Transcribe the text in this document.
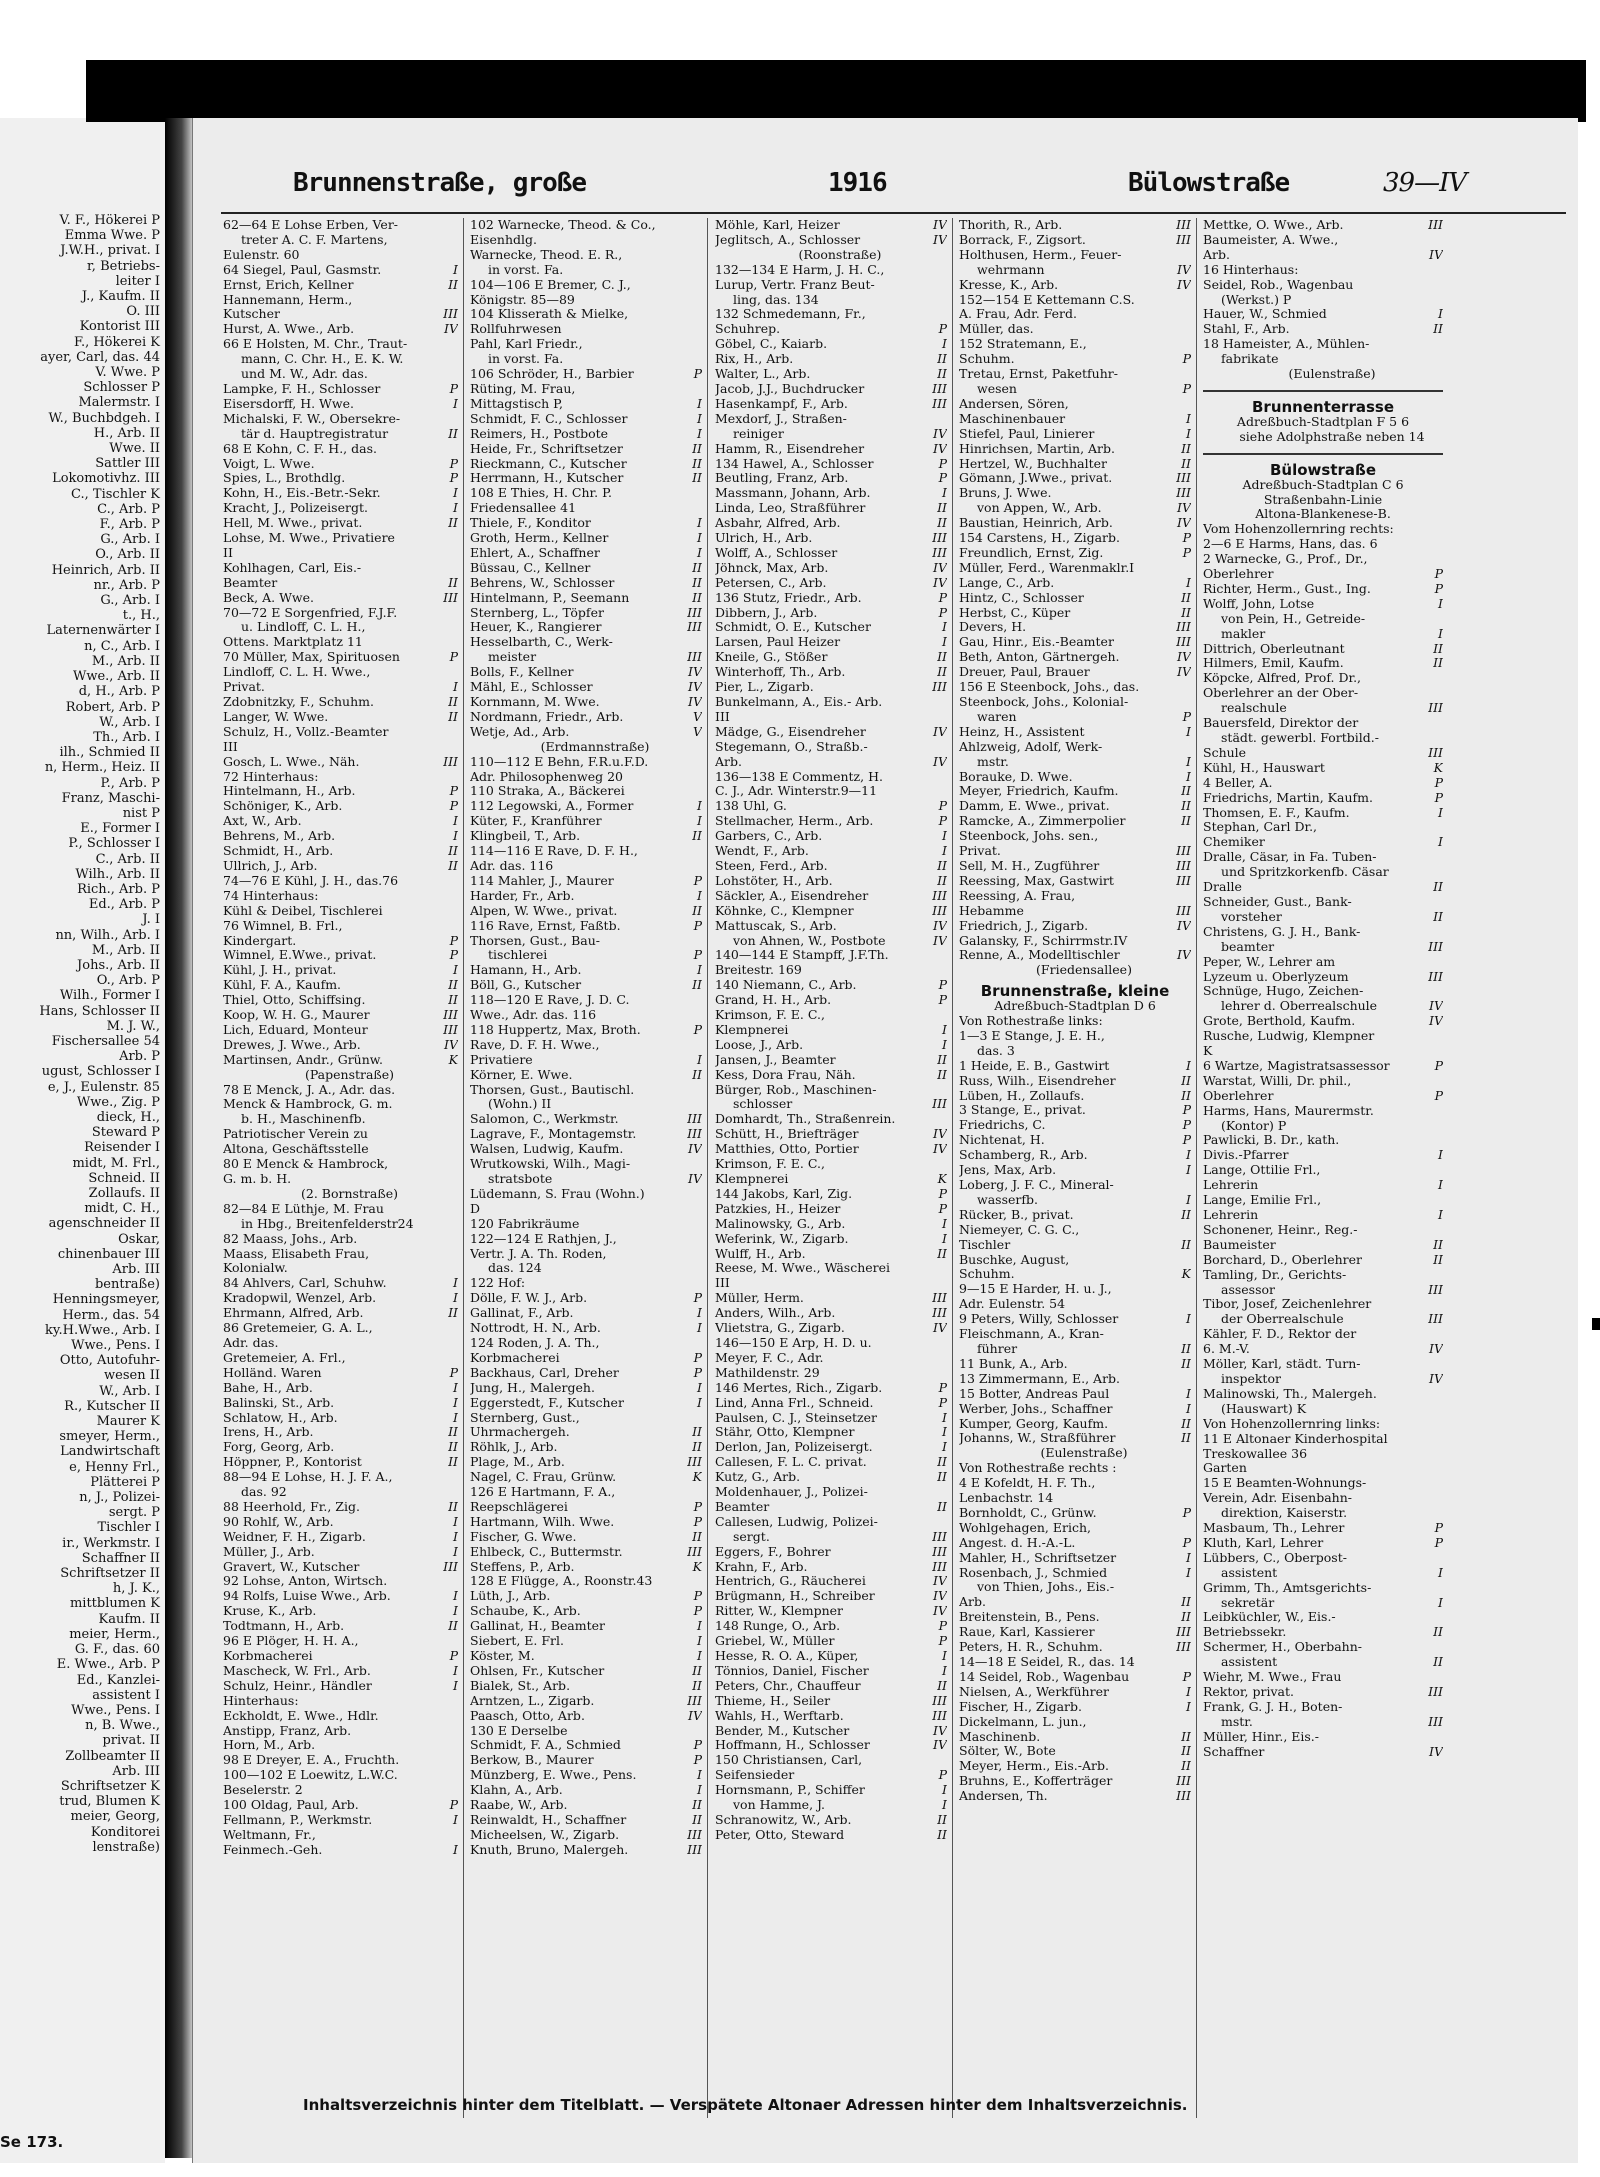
V. F., Hökerei P
Emma Wwe. P
J.W.H., privat. I
r, Betriebs-
leiter I
J., Kaufm. II
O. III
Kontorist III
F., Hökerei K
ayer, Carl, das. 44
V. Wwe. P
Schlosser P
Malermstr. I
W., Buchbdgeh. I
H., Arb. II
Wwe. II
Sattler III
Lokomotivhz. III
C., Tischler K
C., Arb. P
F., Arb. P
G., Arb. I
O., Arb. II
Heinrich, Arb. II
nr., Arb. P
G., Arb. I
t., H.,
Laternenwärter I
n, C., Arb. I
M., Arb. II
Wwe., Arb. II
d, H., Arb. P
Robert, Arb. P
W., Arb. I
Th., Arb. I
ilh., Schmied II
n, Herm., Heiz. II
P., Arb. P
Franz, Maschi-
nist P
E., Former I
P., Schlosser I
C., Arb. II
Wilh., Arb. II
Rich., Arb. P
Ed., Arb. P
J. I
nn, Wilh., Arb. I
M., Arb. II
Johs., Arb. II
O., Arb. P
Wilh., Former I
Hans, Schlosser II
M. J. W.,
Fischersallee 54
Arb. P
ugust, Schlosser I
e, J., Eulenstr. 85
Wwe., Zig. P
dieck, H.,
Steward P
Reisender I
midt, M. Frl.,
Schneid. II
Zollaufs. II
midt, C. H.,
agenschneider II
Oskar,
chinenbauer III
Arb. III
bentraße)
Henningsmeyer,
Herm., das. 54
ky.H.Wwe., Arb. I
Wwe., Pens. I
Otto, Autofuhr-
wesen II
W., Arb. I
R., Kutscher II
Maurer K
smeyer, Herm.,
Landwirtschaft
e, Henny Frl.,
Plätterei P
n, J., Polizei-
sergt. P
Tischler I
ir., Werkmstr. I
Schaffner II
Schriftsetzer II
h, J. K.,
mittblumen K
Kaufm. II
meier, Herm.,
G. F., das. 60
E. Wwe., Arb. P
Ed., Kanzlei-
assistent I
Wwe., Pens. I
n, B. Wwe.,
privat. II
Zollbeamter II
Arb. III
Schriftsetzer K
trud, Blumen K
meier, Georg,
Konditorei
lenstraße)
Se 173.
Brunnenstraße, große	1916	Bülowstraße	39—IV
62—64 E Lohse Erben, Ver-
treter A. C. F. Martens,
Eulenstr. 60
64 Siegel, Paul, Gasmstr.	I
Ernst, Erich, Kellner	II
Hannemann, Herm.,
Kutscher	III
Hurst, A. Wwe., Arb.	IV
66 E Holsten, M. Chr., Traut-
mann, C. Chr. H., E. K. W.
und M. W., Adr. das.
Lampke, F. H., Schlosser	P
Eisersdorff, H. Wwe.	I
Michalski, F. W., Obersekre-
tär d. Hauptregistratur	II
68 E Kohn, C. F. H., das.
Voigt, L. Wwe.	P
Spies, L., Brothdlg.	P
Kohn, H., Eis.-Betr.-Sekr.	I
Kracht, J., Polizeisergt.	I
Hell, M. Wwe., privat.	II
Lohse, M. Wwe., Privatiere
II
Kohlhagen, Carl, Eis.-
Beamter	II
Beck, A. Wwe.	III
70—72 E Sorgenfried, F.J.F.
u. Lindloff, C. L. H.,
Ottens. Marktplatz 11
70 Müller, Max, Spirituosen	P
Lindloff, C. L. H. Wwe.,
Privat.	I
Zdobnitzky, F., Schuhm.	II
Langer, W. Wwe.	II
Schulz, H., Vollz.-Beamter
III
Gosch, L. Wwe., Näh.	III
72 Hinterhaus:
Hintelmann, H., Arb.	P
Schöniger, K., Arb.	P
Axt, W., Arb.	I
Behrens, M., Arb.	I
Schmidt, H., Arb.	II
Ullrich, J., Arb.	II
74—76 E Kühl, J. H., das.76
74 Hinterhaus:
Kühl & Deibel, Tischlerei
76 Wimnel, B. Frl.,
Kindergart.	P
Wimnel, E.Wwe., privat.	P
Kühl, J. H., privat.	I
Kühl, F. A., Kaufm.	II
Thiel, Otto, Schiffsing.	II
Koop, W. H. G., Maurer	III
Lich, Eduard, Monteur	III
Drewes, J. Wwe., Arb.	IV
Martinsen, Andr., Grünw.	K
(Papenstraße)
78 E Menck, J. A., Adr. das.
Menck & Hambrock, G. m.
b. H., Maschinenfb.
Patriotischer Verein zu
Altona, Geschäftsstelle
80 E Menck & Hambrock,
G. m. b. H.
(2. Bornstraße)
82—84 E Lüthje, M. Frau
in Hbg., Breitenfelderstr24
82 Maass, Johs., Arb.
Maass, Elisabeth Frau,
Kolonialw.
84 Ahlvers, Carl, Schuhw.	I
Kradopwil, Wenzel, Arb.	I
Ehrmann, Alfred, Arb.	II
86 Gretemeier, G. A. L.,
Adr. das.
Gretemeier, A. Frl.,
Holländ. Waren	P
Bahe, H., Arb.	I
Balinski, St., Arb.	I
Schlatow, H., Arb.	I
Irens, H., Arb.	II
Forg, Georg, Arb.	II
Höppner, P., Kontorist	II
88—94 E Lohse, H. J. F. A.,
das. 92
88 Heerhold, Fr., Zig.	II
90 Rohlf, W., Arb.	I
Weidner, F. H., Zigarb.	I
Müller, J., Arb.	I
Gravert, W., Kutscher	III
92 Lohse, Anton, Wirtsch.
94 Rolfs, Luise Wwe., Arb.	I
Kruse, K., Arb.	I
Todtmann, H., Arb.	II
96 E Plöger, H. H. A.,
Korbmacherei	P
Mascheck, W. Frl., Arb.	I
Schulz, Heinr., Händler	I
Hinterhaus:
Eckholdt, E. Wwe., Hdlr.
Anstipp, Franz, Arb.
Horn, M., Arb.
98 E Dreyer, E. A., Fruchth.
100—102 E Loewitz, L.W.C.
Beselerstr. 2
100 Oldag, Paul, Arb.	P
Fellmann, P., Werkmstr.	I
Weltmann, Fr.,
Feinmech.-Geh.	I
102 Warnecke, Theod. & Co.,
Eisenhdlg.
Warnecke, Theod. E. R.,
in vorst. Fa.
104—106 E Bremer, C. J.,
Königstr. 85—89
104 Klisserath & Mielke,
Rollfuhrwesen
Pahl, Karl Friedr.,
in vorst. Fa.
106 Schröder, H., Barbier	P
Rüting, M. Frau,
Mittagstisch P,	I
Schmidt, F. C., Schlosser	I
Reimers, H., Postbote	I
Heide, Fr., Schriftsetzer	II
Rieckmann, C., Kutscher	II
Herrmann, H., Kutscher	II
108 E Thies, H. Chr. P.
Friedensallee 41
Thiele, F., Konditor	I
Groth, Herm., Kellner	I
Ehlert, A., Schaffner	I
Büssau, C., Kellner	II
Behrens, W., Schlosser	II
Hintelmann, P., Seemann	II
Sternberg, L., Töpfer	III
Heuer, K., Rangierer	III
Hesselbarth, C., Werk-
meister	III
Bolls, F., Kellner	IV
Mähl, E., Schlosser	IV
Kornmann, M. Wwe.	IV
Nordmann, Friedr., Arb.	V
Wetje, Ad., Arb.	V
(Erdmannstraße)
110—112 E Behn, F.R.u.F.D.
Adr. Philosophenweg 20
110 Straka, A., Bäckerei
112 Legowski, A., Former	I
Küter, F., Kranführer	I
Klingbeil, T., Arb.	II
114—116 E Rave, D. F. H.,
Adr. das. 116
114 Mahler, J., Maurer	P
Harder, Fr., Arb.	I
Alpen, W. Wwe., privat.	II
116 Rave, Ernst, Faßtb.	P
Thorsen, Gust., Bau-
tischlerei	P
Hamann, H., Arb.	I
Böll, G., Kutscher	II
118—120 E Rave, J. D. C.
Wwe., Adr. das. 116
118 Huppertz, Max, Broth.	P
Rave, D. F. H. Wwe.,
Privatiere	I
Körner, E. Wwe.	II
Thorsen, Gust., Bautischl.
(Wohn.) II
Salomon, C., Werkmstr.	III
Lagrave, F., Montagemstr.	III
Walsen, Ludwig, Kaufm.	IV
Wrutkowski, Wilh., Magi-
stratsbote	IV
Lüdemann, S. Frau (Wohn.)
D
120 Fabrikräume
122—124 E Rathjen, J.,
Vertr. J. A. Th. Roden,
das. 124
122 Hof:
Dölle, F. W. J., Arb.	P
Gallinat, F., Arb.	I
Nottrodt, H. N., Arb.	I
124 Roden, J. A. Th.,
Korbmacherei	P
Backhaus, Carl, Dreher	P
Jung, H., Malergeh.	I
Eggerstedt, F., Kutscher	I
Sternberg, Gust.,
Uhrmachergeh.	II
Röhlk, J., Arb.	II
Plage, M., Arb.	III
Nagel, C. Frau, Grünw.	K
126 E Hartmann, F. A.,
Reepschlägerei	P
Hartmann, Wilh. Wwe.	P
Fischer, G. Wwe.	II
Ehlbeck, C., Buttermstr.	III
Steffens, P., Arb.	K
128 E Flügge, A., Roonstr.43
Lüth, J., Arb.	P
Schaube, K., Arb.	P
Gallinat, H., Beamter	I
Siebert, E. Frl.	I
Köster, M.	I
Ohlsen, Fr., Kutscher	II
Bialek, St., Arb.	II
Arntzen, L., Zigarb.	III
Paasch, Otto, Arb.	IV
130 E Derselbe
Schmidt, F. A., Schmied	P
Berkow, B., Maurer	P
Münzberg, E. Wwe., Pens.	I
Klahn, A., Arb.	I
Raabe, W., Arb.	II
Reinwaldt, H., Schaffner	II
Micheelsen, W., Zigarb.	III
Knuth, Bruno, Malergeh.	III
Möhle, Karl, Heizer	IV
Jeglitsch, A., Schlosser	IV
(Roonstraße)
132—134 E Harm, J. H. C.,
Lurup, Vertr. Franz Beut-
ling, das. 134
132 Schmedemann, Fr.,
Schuhrep.	P
Göbel, C., Kaiarb.	I
Rix, H., Arb.	II
Walter, L., Arb.	II
Jacob, J.J., Buchdrucker	III
Hasenkampf, F., Arb.	III
Mexdorf, J., Straßen-
reiniger	IV
Hamm, R., Eisendreher	IV
134 Hawel, A., Schlosser	P
Beutling, Franz, Arb.	P
Massmann, Johann, Arb.	I
Linda, Leo, Straßführer	II
Asbahr, Alfred, Arb.	II
Ulrich, H., Arb.	III
Wolff, A., Schlosser	III
Jöhnck, Max, Arb.	IV
Petersen, C., Arb.	IV
136 Stutz, Friedr., Arb.	P
Dibbern, J., Arb.	P
Schmidt, O. E., Kutscher	I
Larsen, Paul Heizer	I
Kneile, G., Stößer	II
Winterhoff, Th., Arb.	II
Pier, L., Zigarb.	III
Bunkelmann, A., Eis.- Arb.
III
Mädge, G., Eisendreher	IV
Stegemann, O., Straßb.-
Arb.	IV
136—138 E Commentz, H.
C. J., Adr. Winterstr.9—11
138 Uhl, G.	P
Stellmacher, Herm., Arb.	P
Garbers, C., Arb.	I
Wendt, F., Arb.	I
Steen, Ferd., Arb.	II
Lohstöter, H., Arb.	II
Säckler, A., Eisendreher	III
Köhnke, C., Klempner	III
Mattuscak, S., Arb.	IV
von Ahnen, W., Postbote	IV
140—144 E Stampff, J.F.Th.
Breitestr. 169
140 Niemann, C., Arb.	P
Grand, H. H., Arb.	P
Krimson, F. E. C.,
Klempnerei	I
Loose, J., Arb.	I
Jansen, J., Beamter	II
Kess, Dora Frau, Näh.	II
Bürger, Rob., Maschinen-
schlosser	III
Domhardt, Th., Straßenrein.
Schütt, H., Briefträger	IV
Matthies, Otto, Portier	IV
Krimson, F. E. C.,
Klempnerei	K
144 Jakobs, Karl, Zig.	P
Patzkies, H., Heizer	P
Malinowsky, G., Arb.	I
Weferink, W., Zigarb.	I
Wulff, H., Arb.	II
Reese, M. Wwe., Wäscherei
III
Müller, Herm.	III
Anders, Wilh., Arb.	III
Vlietstra, G., Zigarb.	IV
146—150 E Arp, H. D. u.
Meyer, F. C., Adr.
Mathildenstr. 29
146 Mertes, Rich., Zigarb.	P
Lind, Anna Frl., Schneid.	P
Paulsen, C. J., Steinsetzer	I
Stähr, Otto, Klempner	I
Derlon, Jan, Polizeisergt.	I
Callesen, F. L. C. privat.	II
Kutz, G., Arb.	II
Moldenhauer, J., Polizei-
Beamter	II
Callesen, Ludwig, Polizei-
sergt.	III
Eggers, F., Bohrer	III
Krahn, F., Arb.	III
Hentrich, G., Räucherei	IV
Brügmann, H., Schreiber	IV
Ritter, W., Klempner	IV
148 Runge, O., Arb.	P
Griebel, W., Müller	P
Hesse, R. O. A., Küper,	I
Tönnios, Daniel, Fischer	I
Peters, Chr., Chauffeur	II
Thieme, H., Seiler	III
Wahls, H., Werftarb.	III
Bender, M., Kutscher	IV
Hoffmann, H., Schlosser	IV
150 Christiansen, Carl,
Seifensieder	P
Hornsmann, P., Schiffer	I
von Hamme, J.	I
Schranowitz, W., Arb.	II
Peter, Otto, Steward	II
Thorith, R., Arb.	III
Borrack, F., Zigsort.	III
Holthusen, Herm., Feuer-
wehrmann	IV
Kresse, K., Arb.	IV
152—154 E Kettemann C.S.
A. Frau, Adr. Ferd.
Müller, das.
152 Stratemann, E.,
Schuhm.	P
Tretau, Ernst, Paketfuhr-
wesen	P
Andersen, Sören,
Maschinenbauer	I
Stiefel, Paul, Linierer	I
Hinrichsen, Martin, Arb.	II
Hertzel, W., Buchhalter	II
Gömann, J.Wwe., privat.	III
Bruns, J. Wwe.	III
von Appen, W., Arb.	IV
Baustian, Heinrich, Arb.	IV
154 Carstens, H., Zigarb.	P
Freundlich, Ernst, Zig.	P
Müller, Ferd., Warenmaklr.I
Lange, C., Arb.	I
Hintz, C., Schlosser	II
Herbst, C., Küper	II
Devers, H.	III
Gau, Hinr., Eis.-Beamter	III
Beth, Anton, Gärtnergeh.	IV
Dreuer, Paul, Brauer	IV
156 E Steenbock, Johs., das.
Steenbock, Johs., Kolonial-
waren	P
Heinz, H., Assistent	I
Ahlzweig, Adolf, Werk-
mstr.	I
Borauke, D. Wwe.	I
Meyer, Friedrich, Kaufm.	II
Damm, E. Wwe., privat.	II
Ramcke, A., Zimmerpolier	II
Steenbock, Johs. sen.,
Privat.	III
Sell, M. H., Zugführer	III
Reessing, Max, Gastwirt	III
Reessing, A. Frau,
Hebamme	III
Friedrich, J., Zigarb.	IV
Galansky, F., Schirrmstr.IV
Renne, A., Modelltischler	IV
(Friedensallee)
Brunnenstraße, kleine
Adreßbuch-Stadtplan D 6
Von Rothestraße links:
1—3 E Stange, J. E. H.,
das. 3
1 Heide, E. B., Gastwirt	I
Russ, Wilh., Eisendreher	II
Lüben, H., Zollaufs.	II
3 Stange, E., privat.	P
Friedrichs, C.	P
Nichtenat, H.	P
Schamberg, R., Arb.	I
Jens, Max, Arb.	I
Loberg, J. F. C., Mineral-
wasserfb.	I
Rücker, B., privat.	II
Niemeyer, C. G. C.,
Tischler	II
Buschke, August,
Schuhm.	K
9—15 E Harder, H. u. J.,
Adr. Eulenstr. 54
9 Peters, Willy, Schlosser	I
Fleischmann, A., Kran-
führer	II
11 Bunk, A., Arb.	II
13 Zimmermann, E., Arb.
15 Botter, Andreas Paul	I
Werber, Johs., Schaffner	I
Kumper, Georg, Kaufm.	II
Johanns, W., Straßführer	II
(Eulenstraße)
Von Rothestraße rechts :
4 E Kofeldt, H. F. Th.,
Lenbachstr. 14
Bornholdt, C., Grünw.	P
Wohlgehagen, Erich,
Angest. d. H.-A.-L.	P
Mahler, H., Schriftsetzer	I
Rosenbach, J., Schmied	I
von Thien, Johs., Eis.-
Arb.	II
Breitenstein, B., Pens.	II
Raue, Karl, Kassierer	III
Peters, H. R., Schuhm.	III
14—18 E Seidel, R., das. 14
14 Seidel, Rob., Wagenbau	P
Nielsen, A., Werkführer	I
Fischer, H., Zigarb.	I
Dickelmann, L. jun.,
Maschinenb.	II
Sölter, W., Bote	II
Meyer, Herm., Eis.-Arb.	II
Bruhns, E., Kofferträger	III
Andersen, Th.	III
Mettke, O. Wwe., Arb.	III
Baumeister, A. Wwe.,
Arb.	IV
16 Hinterhaus:
Seidel, Rob., Wagenbau
(Werkst.) P
Hauer, W., Schmied	I
Stahl, F., Arb.	II
18 Hameister, A., Mühlen-
fabrikate
(Eulenstraße)
Brunnenterrasse
Adreßbuch-Stadtplan F 5 6
siehe Adolphstraße neben 14
Bülowstraße
Adreßbuch-Stadtplan C 6
Straßenbahn-Linie
Altona-Blankenese-B.
Vom Hohenzollernring rechts:
2—6 E Harms, Hans, das. 6
2 Warnecke, G., Prof., Dr.,
Oberlehrer	P
Richter, Herm., Gust., Ing.	P
Wolff, John, Lotse	I
von Pein, H., Getreide-
makler	I
Dittrich, Oberleutnant	II
Hilmers, Emil, Kaufm.	II
Köpcke, Alfred, Prof. Dr.,
Oberlehrer an der Ober-
realschule	III
Bauersfeld, Direktor der
städt. gewerbl. Fortbild.-
Schule	III
Kühl, H., Hauswart	K
4 Beller, A.	P
Friedrichs, Martin, Kaufm.	P
Thomsen, E. F., Kaufm.	I
Stephan, Carl Dr.,
Chemiker	I
Dralle, Cäsar, in Fa. Tuben-
und Spritzkorkenfb. Cäsar
Dralle	II
Schneider, Gust., Bank-
vorsteher	II
Christens, G. J. H., Bank-
beamter	III
Peper, W., Lehrer am
Lyzeum u. Oberlyzeum	III
Schnüge, Hugo, Zeichen-
lehrer d. Oberrealschule	IV
Grote, Berthold, Kaufm.	IV
Rusche, Ludwig, Klempner
K
6 Wartze, Magistratsassessor	P
Warstat, Willi, Dr. phil.,
Oberlehrer	P
Harms, Hans, Maurermstr.
(Kontor) P
Pawlicki, B. Dr., kath.
Divis.-Pfarrer	I
Lange, Ottilie Frl.,
Lehrerin	I
Lange, Emilie Frl.,
Lehrerin	I
Schonener, Heinr., Reg.-
Baumeister	II
Borchard, D., Oberlehrer	II
Tamling, Dr., Gerichts-
assessor	III
Tibor, Josef, Zeichenlehrer
der Oberrealschule	III
Kähler, F. D., Rektor der
6. M.-V.	IV
Möller, Karl, städt. Turn-
inspektor	IV
Malinowski, Th., Malergeh.
(Hauswart) K
Von Hohenzollernring links:
11 E Altonaer Kinderhospital
Treskowallee 36
Garten
15 E Beamten-Wohnungs-
Verein, Adr. Eisenbahn-
direktion, Kaiserstr.
Masbaum, Th., Lehrer	P
Kluth, Karl, Lehrer	P
Lübbers, C., Oberpost-
assistent	I
Grimm, Th., Amtsgerichts-
sekretär	I
Leibküchler, W., Eis.-
Betriebssekr.	II
Schermer, H., Oberbahn-
assistent	II
Wiehr, M. Wwe., Frau
Rektor, privat.	III
Frank, G. J. H., Boten-
mstr.	III
Müller, Hinr., Eis.-
Schaffner	IV
Inhaltsverzeichnis hinter dem Titelblatt. — Verspätete Altonaer Adressen hinter dem Inhaltsverzeichnis.
